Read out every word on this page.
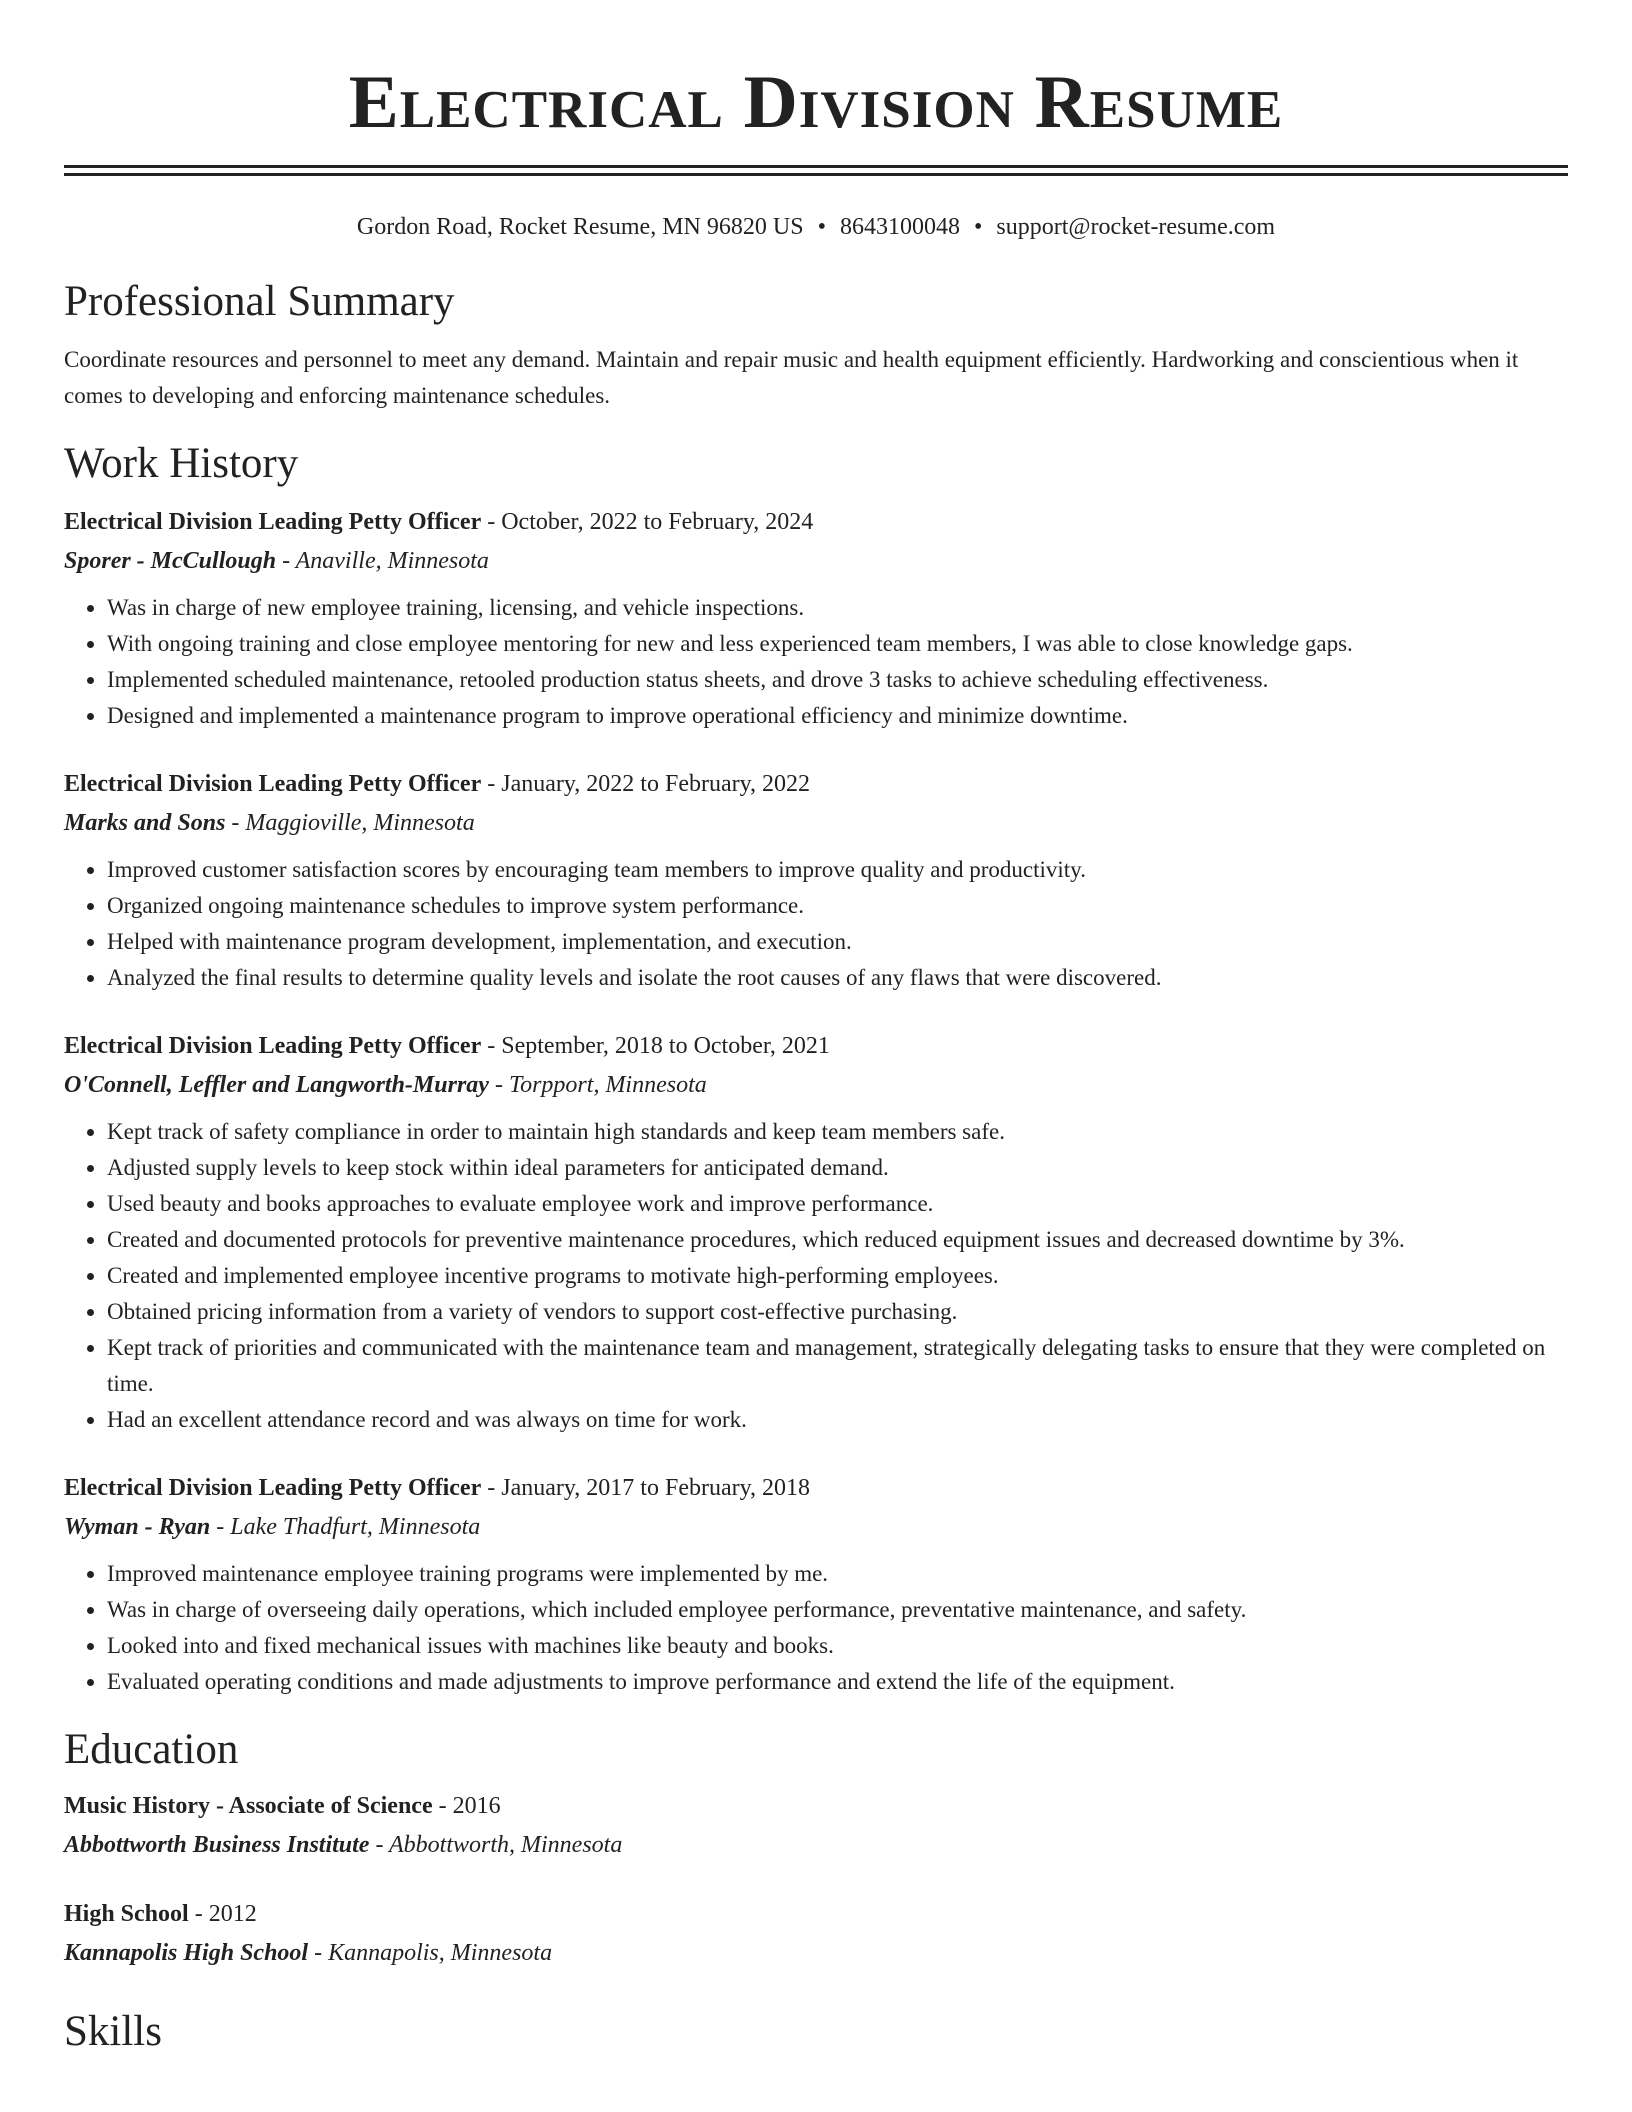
Electrical Division Resume
Gordon Road, Rocket Resume, MN 96820 US • 8643100048 • support@rocket-resume.com
Professional Summary
Coordinate resources and personnel to meet any demand. Maintain and repair music and health equipment efficiently. Hardworking and conscientious when it comes to developing and enforcing maintenance schedules.
Work History
Electrical Division Leading Petty Officer - October, 2022 to February, 2024
Sporer - McCullough - Anaville, Minnesota
• Was in charge of new employee training, licensing, and vehicle inspections.
• With ongoing training and close employee mentoring for new and less experienced team members, I was able to close knowledge gaps.
• Implemented scheduled maintenance, retooled production status sheets, and drove 3 tasks to achieve scheduling effectiveness.
• Designed and implemented a maintenance program to improve operational efficiency and minimize downtime.
Electrical Division Leading Petty Officer - January, 2022 to February, 2022
Marks and Sons - Maggioville, Minnesota
• Improved customer satisfaction scores by encouraging team members to improve quality and productivity.
• Organized ongoing maintenance schedules to improve system performance.
• Helped with maintenance program development, implementation, and execution.
• Analyzed the final results to determine quality levels and isolate the root causes of any flaws that were discovered.
Electrical Division Leading Petty Officer - September, 2018 to October, 2021
O'Connell, Leffler and Langworth-Murray - Torpport, Minnesota
• Kept track of safety compliance in order to maintain high standards and keep team members safe.
• Adjusted supply levels to keep stock within ideal parameters for anticipated demand.
• Used beauty and books approaches to evaluate employee work and improve performance.
• Created and documented protocols for preventive maintenance procedures, which reduced equipment issues and decreased downtime by 3%.
• Created and implemented employee incentive programs to motivate high-performing employees.
• Obtained pricing information from a variety of vendors to support cost-effective purchasing.
• Kept track of priorities and communicated with the maintenance team and management, strategically delegating tasks to ensure that they were completed on time.
• Had an excellent attendance record and was always on time for work.
Electrical Division Leading Petty Officer - January, 2017 to February, 2018
Wyman - Ryan - Lake Thadfurt, Minnesota
• Improved maintenance employee training programs were implemented by me.
• Was in charge of overseeing daily operations, which included employee performance, preventative maintenance, and safety.
• Looked into and fixed mechanical issues with machines like beauty and books.
• Evaluated operating conditions and made adjustments to improve performance and extend the life of the equipment.
Education
Music History - Associate of Science - 2016
Abbottworth Business Institute - Abbottworth, Minnesota
High School - 2012
Kannapolis High School - Kannapolis, Minnesota
Skills
